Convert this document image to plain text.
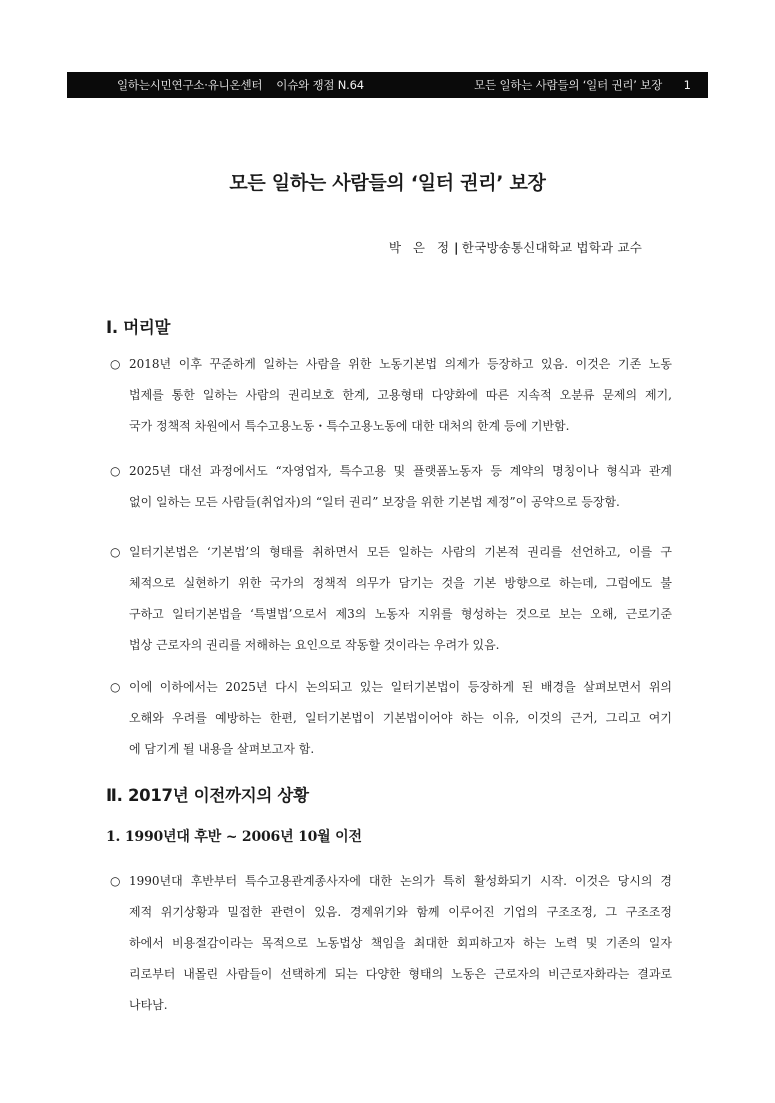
일하는시민연구소·유니온센터 이슈와 쟁점 N.64	모든 일하는 사람들의 ‘일터 권리’ 보장 1
모든 일하는 사람들의 ‘일터 권리’ 보장
박 은 정| 한국방송통신대학교 법학과 교수
Ⅰ. 머리말
○ 2018년 이후 꾸준하게 일하는 사람을 위한 노동기본법 의제가 등장하고 있음. 이것은 기존 노동
법제를 통한 일하는 사람의 권리보호 한계, 고용형태 다양화에 따른 지속적 오분류 문제의 제기,
국가 정책적 차원에서 특수고용노동・특수고용노동에 대한 대처의 한계 등에 기반함.
○ 2025년 대선 과정에서도 “자영업자, 특수고용 및 플랫폼노동자 등 계약의 명칭이나 형식과 관계
없이 일하는 모든 사람들(취업자)의 “일터 권리” 보장을 위한 기본법 제정”이 공약으로 등장함.
○ 일터기본법은 ‘기본법’의 형태를 취하면서 모든 일하는 사람의 기본적 권리를 선언하고, 이를 구
체적으로 실현하기 위한 국가의 정책적 의무가 담기는 것을 기본 방향으로 하는데, 그럼에도 불
구하고 일터기본법을 ‘특별법’으로서 제3의 노동자 지위를 형성하는 것으로 보는 오해, 근로기준
법상 근로자의 권리를 저해하는 요인으로 작동할 것이라는 우려가 있음.
○ 이에 이하에서는 2025년 다시 논의되고 있는 일터기본법이 등장하게 된 배경을 살펴보면서 위의
오해와 우려를 예방하는 한편, 일터기본법이 기본법이어야 하는 이유, 이것의 근거, 그리고 여기
에 담기게 될 내용을 살펴보고자 함.
Ⅱ. 2017년 이전까지의 상황
1. 1990년대 후반 ~ 2006년 10월 이전
○ 1990년대 후반부터 특수고용관계종사자에 대한 논의가 특히 활성화되기 시작. 이것은 당시의 경
제적 위기상황과 밀접한 관련이 있음. 경제위기와 함께 이루어진 기업의 구조조정, 그 구조조정
하에서 비용절감이라는 목적으로 노동법상 책임을 최대한 회피하고자 하는 노력 및 기존의 일자
리로부터 내몰린 사람들이 선택하게 되는 다양한 형태의 노동은 근로자의 비근로자화라는 결과로
나타남.
